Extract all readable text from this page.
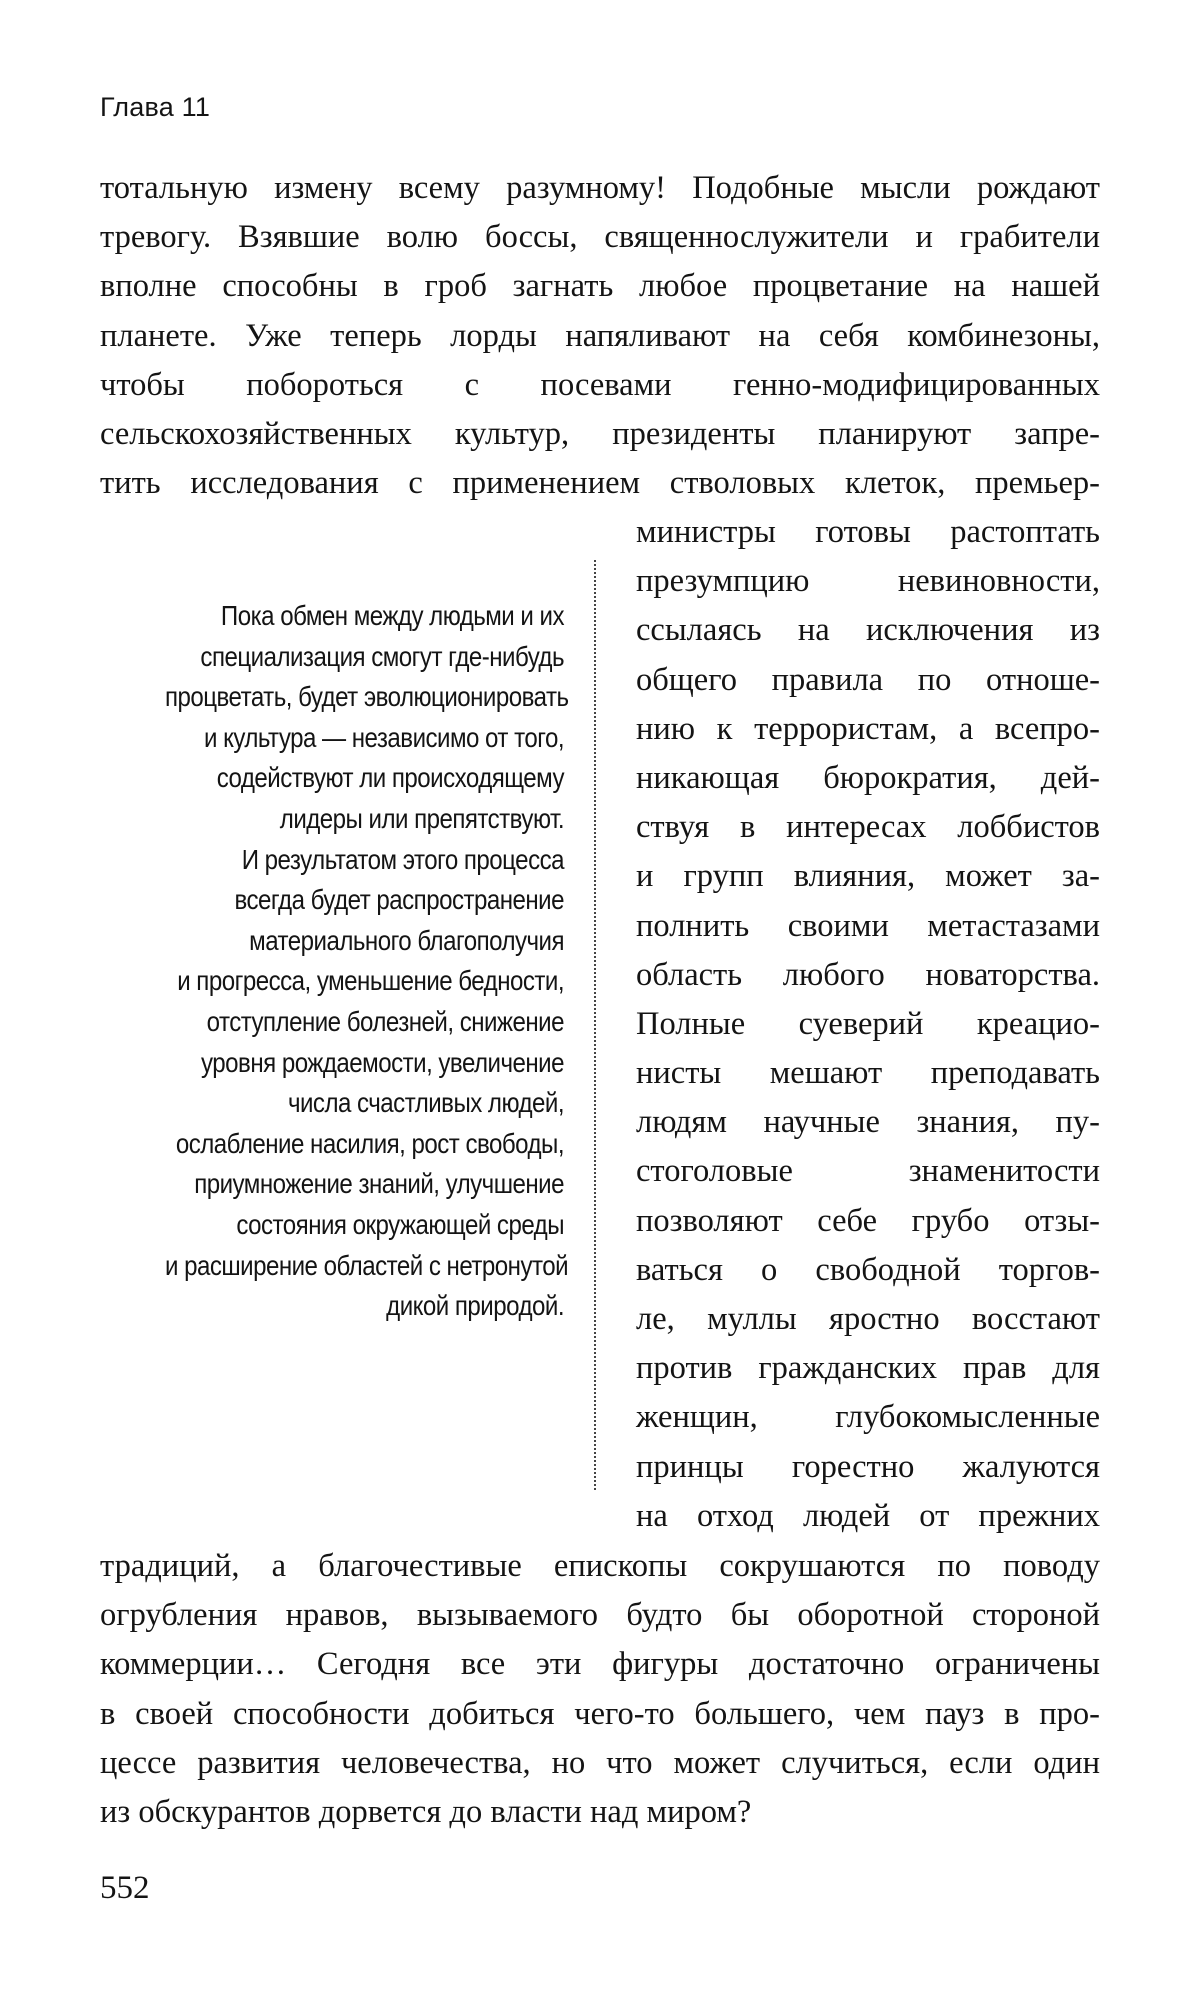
Глава 11
тотальную измену всему разумному! Подобные мысли рождают
тревогу. Взявшие волю боссы, священнослужители и грабители
вполне способны в гроб загнать любое процветание на нашей
планете. Уже теперь лорды напяливают на себя комбинезоны,
чтобы побороться с посевами генно-модифицированных
сельскохозяйственных культур, президенты планируют запре-
тить исследования с применением стволовых клеток, премьер-
Пока обмен между людьми и их
специализация смогут где-нибудь
процветать, будет эволюционировать
и культура — независимо от того,
содействуют ли происходящему
лидеры или препятствуют.
И результатом этого процесса
всегда будет распространение
материального благополучия
и прогресса, уменьшение бедности,
отступление болезней, снижение
уровня рождаемости, увеличение
числа счастливых людей,
ослабление насилия, рост свободы,
приумножение знаний, улучшение
состояния окружающей среды
и расширение областей с нетронутой
дикой природой.
министры готовы растоптать
презумпцию невиновности,
ссылаясь на исключения из
общего правила по отноше-
нию к террористам, а всепро-
никающая бюрократия, дей-
ствуя в интересах лоббистов
и групп влияния, может за-
полнить своими метастазами
область любого новаторства.
Полные суеверий креацио-
нисты мешают преподавать
людям научные знания, пу-
стоголовые знаменитости
позволяют себе грубо отзы-
ваться о свободной торгов-
ле, муллы яростно восстают
против гражданских прав для
женщин, глубокомысленные
принцы горестно жалуются
на отход людей от прежних
традиций, а благочестивые епископы сокрушаются по поводу
огрубления нравов, вызываемого будто бы оборотной стороной
коммерции… Сегодня все эти фигуры достаточно ограничены
в своей способности добиться чего-то большего, чем пауз в про-
цессе развития человечества, но что может случиться, если один
из обскурантов дорвется до власти над миром?
552
